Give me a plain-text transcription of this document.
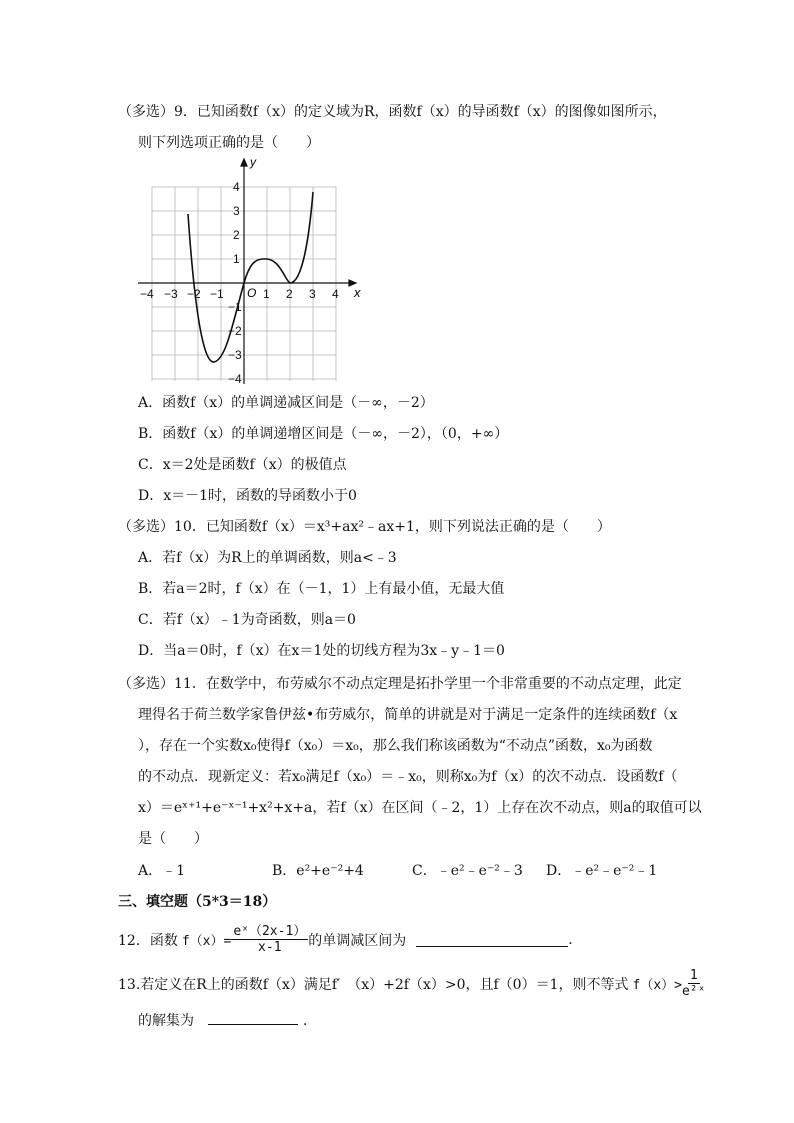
（多选）9．已知函数f（x）的定义域为R，函数f（x）的导函数f（x）的图像如图所示，
则下列选项正确的是（　　）
y
x
O
−4 −3 −2 −1	1 2 3 4
4
3
2
1
−1
−2
−3
−4
A．函数f（x）的单调递减区间是（－∞，－2）
B．函数f（x）的单调递增区间是（－∞，－2），（0，+∞）
C．x＝2处是函数f（x）的极值点
D．x＝－1时，函数的导函数小于0
（多选）10．已知函数f（x）＝x³+ax²﹣ax+1，则下列说法正确的是（　　）
A．若f（x）为R上的单调函数，则a<﹣3
B．若a＝2时，f（x）在（－1，1）上有最小值，无最大值
C．若f（x）﹣1为奇函数，则a＝0
D．当a＝0时，f（x）在x＝1处的切线方程为3x﹣y﹣1＝0
（多选）11．在数学中，布劳威尔不动点定理是拓扑学里一个非常重要的不动点定理，此定
理得名于荷兰数学家鲁伊兹•布劳威尔，简单的讲就是对于满足一定条件的连续函数f（x
），存在一个实数x₀使得f（x₀）＝x₀，那么我们称该函数为“不动点”函数，x₀为函数
的不动点．现新定义：若x₀满足f（x₀）＝﹣x₀，则称x₀为f（x）的次不动点．设函数f（
x）＝eˣ⁺¹+e⁻ˣ⁻¹+x²+x+a，若f（x）在区间（﹣2，1）上存在次不动点，则a的取值可以
是（　　）
A．﹣1	B．e²+e⁻²+4	C．﹣e²﹣e⁻²﹣3 D．﹣e²﹣e⁻²﹣1
三、填空题（5*3＝18）
12．函数 $f(x)= \frac{\text{eˣ（2x-1）}}{x-1}$ 的单调减区间为	.
13.若定义在R上的函数f（x）满足f′　（x）+2f（x）>0，且f（0）＝1，则不等式 $f(x)> \frac{1}{\text{e²ˣ}}$
的解集为	.
